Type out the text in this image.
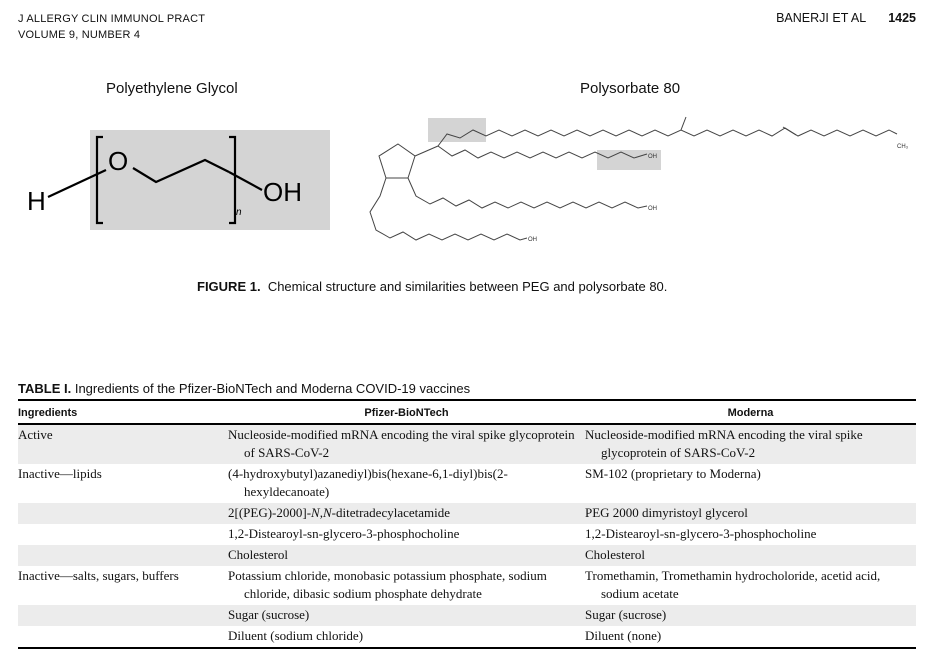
J ALLERGY CLIN IMMUNOL PRACT
VOLUME 9, NUMBER 4
BANERJI ET AL 1425
Polyethylene Glycol	Polysorbate 80
H
O
n
OH
OH
OH
OH
CH₃
FIGURE 1. Chemical structure and similarities between PEG and polysorbate 80.
TABLE I. Ingredients of the Pfizer-BioNTech and Moderna COVID-19 vaccines
Ingredients	Pfizer-BioNTech	Moderna
Active	Nucleoside-modified mRNA encoding the viral spike glycoprotein of SARS-CoV-2	Nucleoside-modified mRNA encoding the viral spike glycoprotein of SARS-CoV-2

Inactive—lipids	(4-hydroxybutyl)azanediyl)bis(hexane-6,1-diyl)bis(2-hexyldecanoate)	SM-102 (proprietary to Moderna)

	2[(PEG)-2000]-N,N-ditetradecylacetamide	PEG 2000 dimyristoyl glycerol

	1,2-Distearoyl-sn-glycero-3-phosphocholine	1,2-Distearoyl-sn-glycero-3-phosphocholine

	Cholesterol	Cholesterol

Inactive—salts, sugars, buffers	Potassium chloride, monobasic potassium phosphate, sodium chloride, dibasic sodium phosphate dehydrate	Tromethamin, Tromethamin hydrocholoride, acetid acid, sodium acetate

	Sugar (sucrose)	Sugar (sucrose)

	Diluent (sodium chloride)	Diluent (none)
